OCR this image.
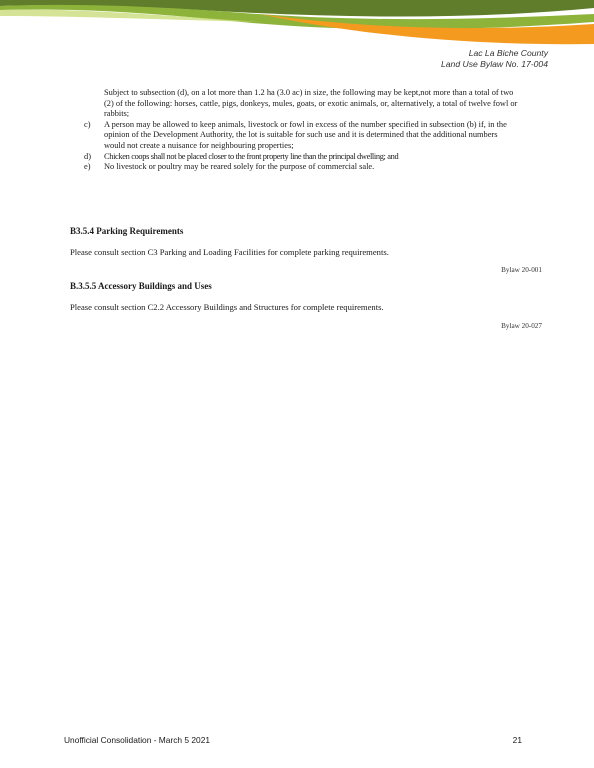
Lac La Biche County
Land Use Bylaw No. 17-004
Subject to subsection (d), on a lot more than 1.2 ha (3.0 ac) in size, the following may be kept,not more than a total of two (2) of the following: horses, cattle, pigs, donkeys, mules, goats, or exotic animals, or, alternatively, a total of twelve fowl or rabbits;
c) A person may be allowed to keep animals, livestock or fowl in excess of the number specified in subsection (b) if, in the opinion of the Development Authority, the lot is suitable for such use and it is determined that the additional numbers would not create a nuisance for neighbouring properties;
d) Chicken coops shall not be placed closer to the front property line than the principal dwelling; and
e) No livestock or poultry may be reared solely for the purpose of commercial sale.
B3.5.4 Parking Requirements
Please consult section C3 Parking and Loading Facilities for complete parking requirements.
Bylaw 20-001
B.3.5.5 Accessory Buildings and Uses
Please consult section C2.2 Accessory Buildings and Structures for complete requirements.
Bylaw 20-027
Unofficial Consolidation - March 5 2021	21
